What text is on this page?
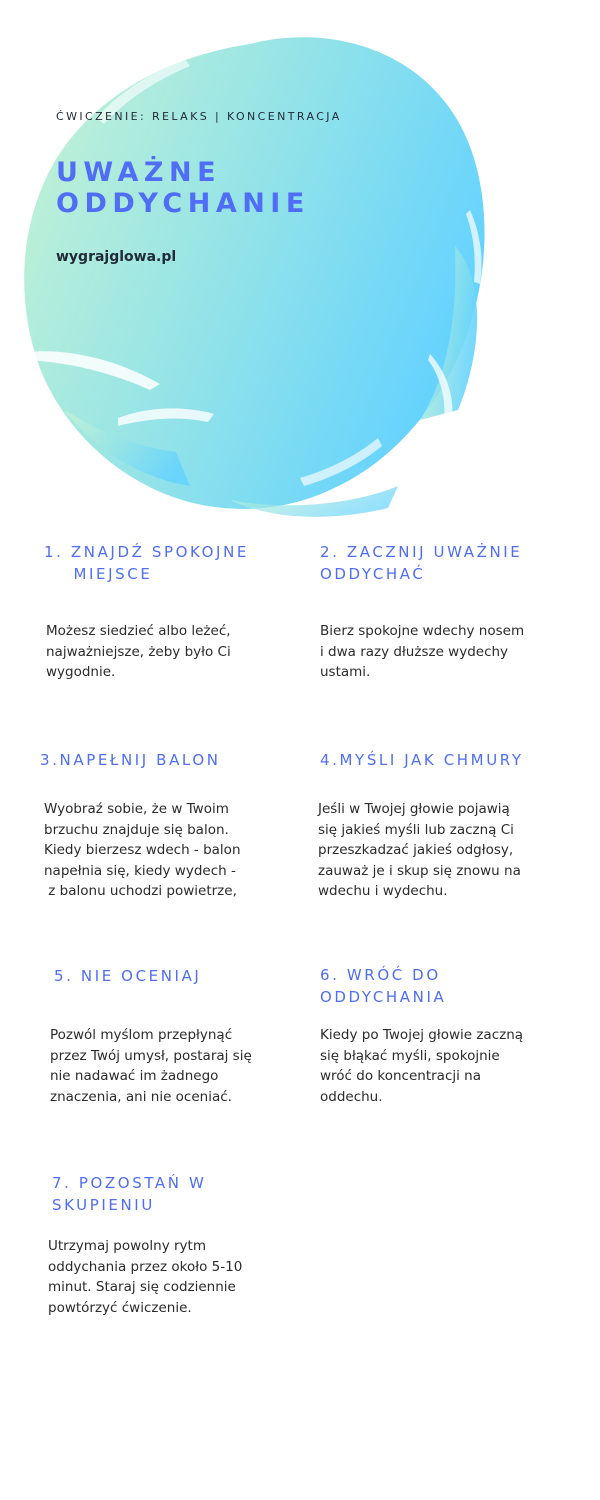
ĆWICZENIE: RELAKS | KONCENTRACJA
UWAŻNE
ODDYCHANIE
wygrajglowa.pl
1. ZNAJDŹ SPOKOJNE
MIEJSCE
Możesz siedzieć albo leżeć,
najważniejsze, żeby było Ci
wygodnie.
2. ZACZNIJ UWAŻNIE
ODDYCHAĆ
Bierz spokojne wdechy nosem
i dwa razy dłuższe wydechy
ustami.
3.NAPEŁNIJ BALON
Wyobraź sobie, że w Twoim
brzuchu znajduje się balon.
Kiedy bierzesz wdech - balon
napełnia się, kiedy wydech -
z balonu uchodzi powietrze,
4.MYŚLI JAK CHMURY
Jeśli w Twojej głowie pojawią
się jakieś myśli lub zaczną Ci
przeszkadzać jakieś odgłosy,
zauważ je i skup się znowu na
wdechu i wydechu.
5. NIE OCENIAJ
Pozwól myślom przepłynąć
przez Twój umysł, postaraj się
nie nadawać im żadnego
znaczenia, ani nie oceniać.
6. WRÓĆ DO
ODDYCHANIA
Kiedy po Twojej głowie zaczną
się błąkać myśli, spokojnie
wróć do koncentracji na
oddechu.
7. POZOSTAŃ W
SKUPIENIU
Utrzymaj powolny rytm
oddychania przez około 5-10
minut. Staraj się codziennie
powtórzyć ćwiczenie.
